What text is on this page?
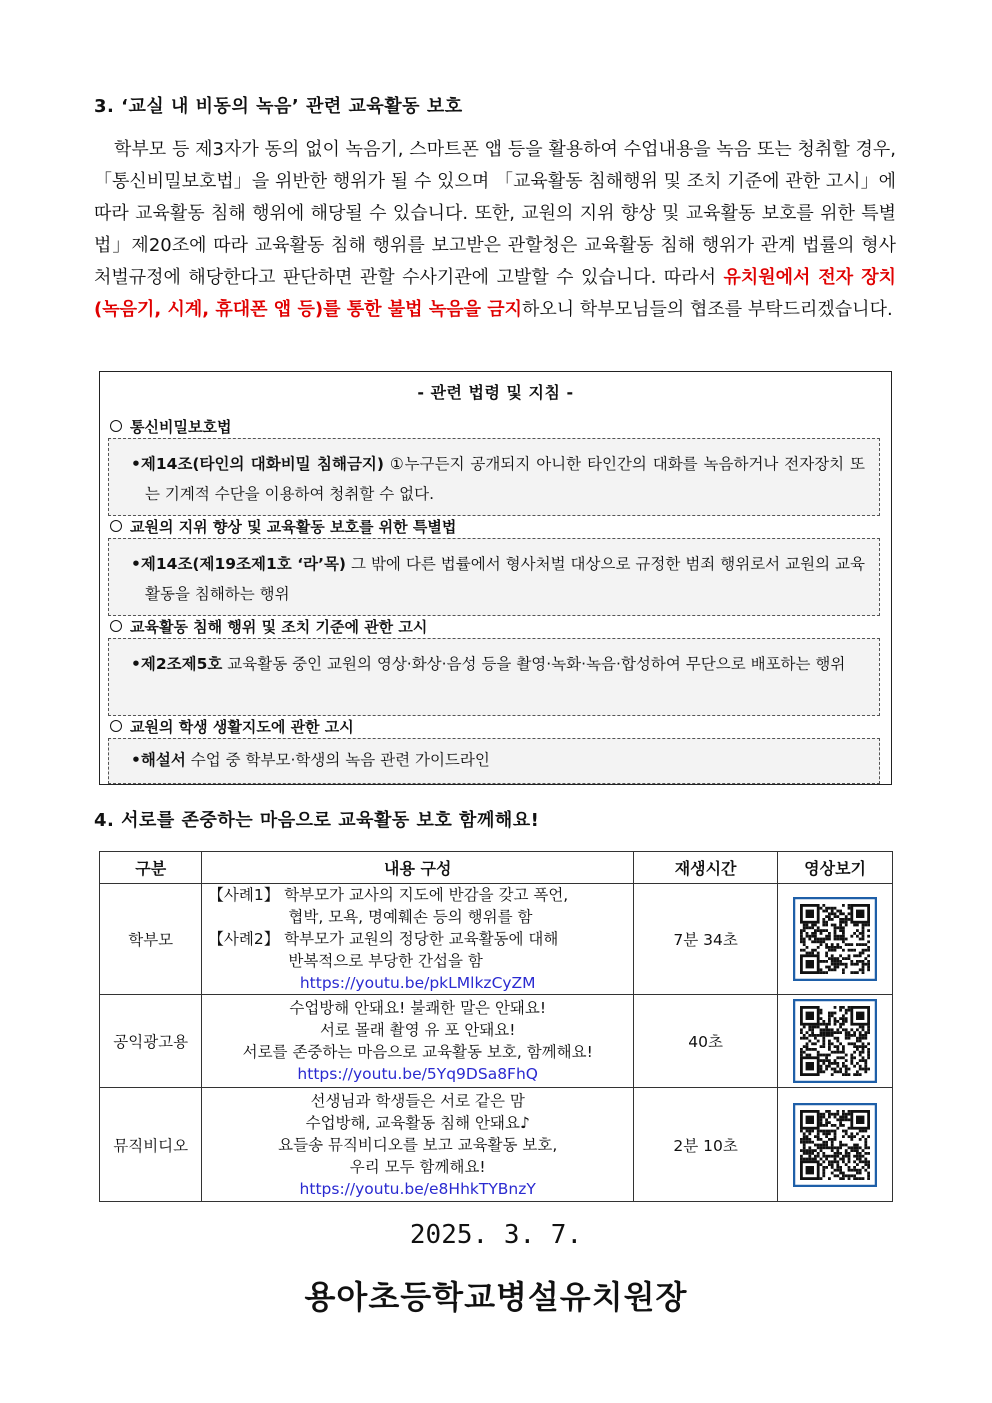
3. ‘교실 내 비동의 녹음’ 관련 교육활동 보호
학부모 등 제3자가 동의 없이 녹음기, 스마트폰 앱 등을 활용하여 수업내용을 녹음 또는 청취할 경우, 「통신비밀보호법」을 위반한 행위가 될 수 있으며 「교육활동 침해행위 및 조치 기준에 관한 고시」에 따라 교육활동 침해 행위에 해당될 수 있습니다. 또한, 교원의 지위 향상 및 교육활동 보호를 위한 특별법」제20조에 따라 교육활동 침해 행위를 보고받은 관할청은 교육활동 침해 행위가 관계 법률의 형사처벌규정에 해당한다고 판단하면 관할 수사기관에 고발할 수 있습니다. 따라서 유치원에서 전자 장치(녹음기, 시계, 휴대폰 앱 등)를 통한 불법 녹음을 금지하오니 학부모님들의 협조를 부탁드리겠습니다.
- 관련 법령 및 지침 -
통신비밀보호법
•제14조(타인의 대화비밀 침해금지) ①누구든지 공개되지 아니한 타인간의 대화를 녹음하거나 전자장치 또는 기계적 수단을 이용하여 청취할 수 없다.
교원의 지위 향상 및 교육활동 보호를 위한 특별법
•제14조(제19조제1호 ‘라’목) 그 밖에 다른 법률에서 형사처벌 대상으로 규정한 범죄 행위로서 교원의 교육활동을 침해하는 행위
교육활동 침해 행위 및 조치 기준에 관한 고시
•제2조제5호 교육활동 중인 교원의 영상·화상·음성 등을 촬영·녹화·녹음·합성하여 무단으로 배포하는 행위
교원의 학생 생활지도에 관한 고시
•해설서 수업 중 학부모·학생의 녹음 관련 가이드라인
4. 서로를 존중하는 마음으로 교육활동 보호 함께해요!
구분	내용 구성	재생시간	영상보기
학부모	【사례1】 학부모가 교사의 지도에 반감을 갖고 폭언,
협박, 모욕, 명예훼손 등의 행위를 함
【사례2】 학부모가 교원의 정당한 교육활동에 대해
반복적으로 부당한 간섭을 함
https://youtu.be/pkLMlkzCyZM	7분 34초	

공익광고용	수업방해 안돼요! 불쾌한 말은 안돼요!
서로 몰래 촬영 유 포 안돼요!
서로를 존중하는 마음으로 교육활동 보호, 함께해요!
https://youtu.be/5Yq9DSa8FhQ	40초	

뮤직비디오	선생님과 학생들은 서로 같은 맘
수업방해, 교육활동 침해 안돼요♪
요들송 뮤직비디오를 보고 교육활동 보호,
우리 모두 함께해요!
https://youtu.be/e8HhkTYBnzY	2분 10초	
2025. 3. 7.
용아초등학교병설유치원장
